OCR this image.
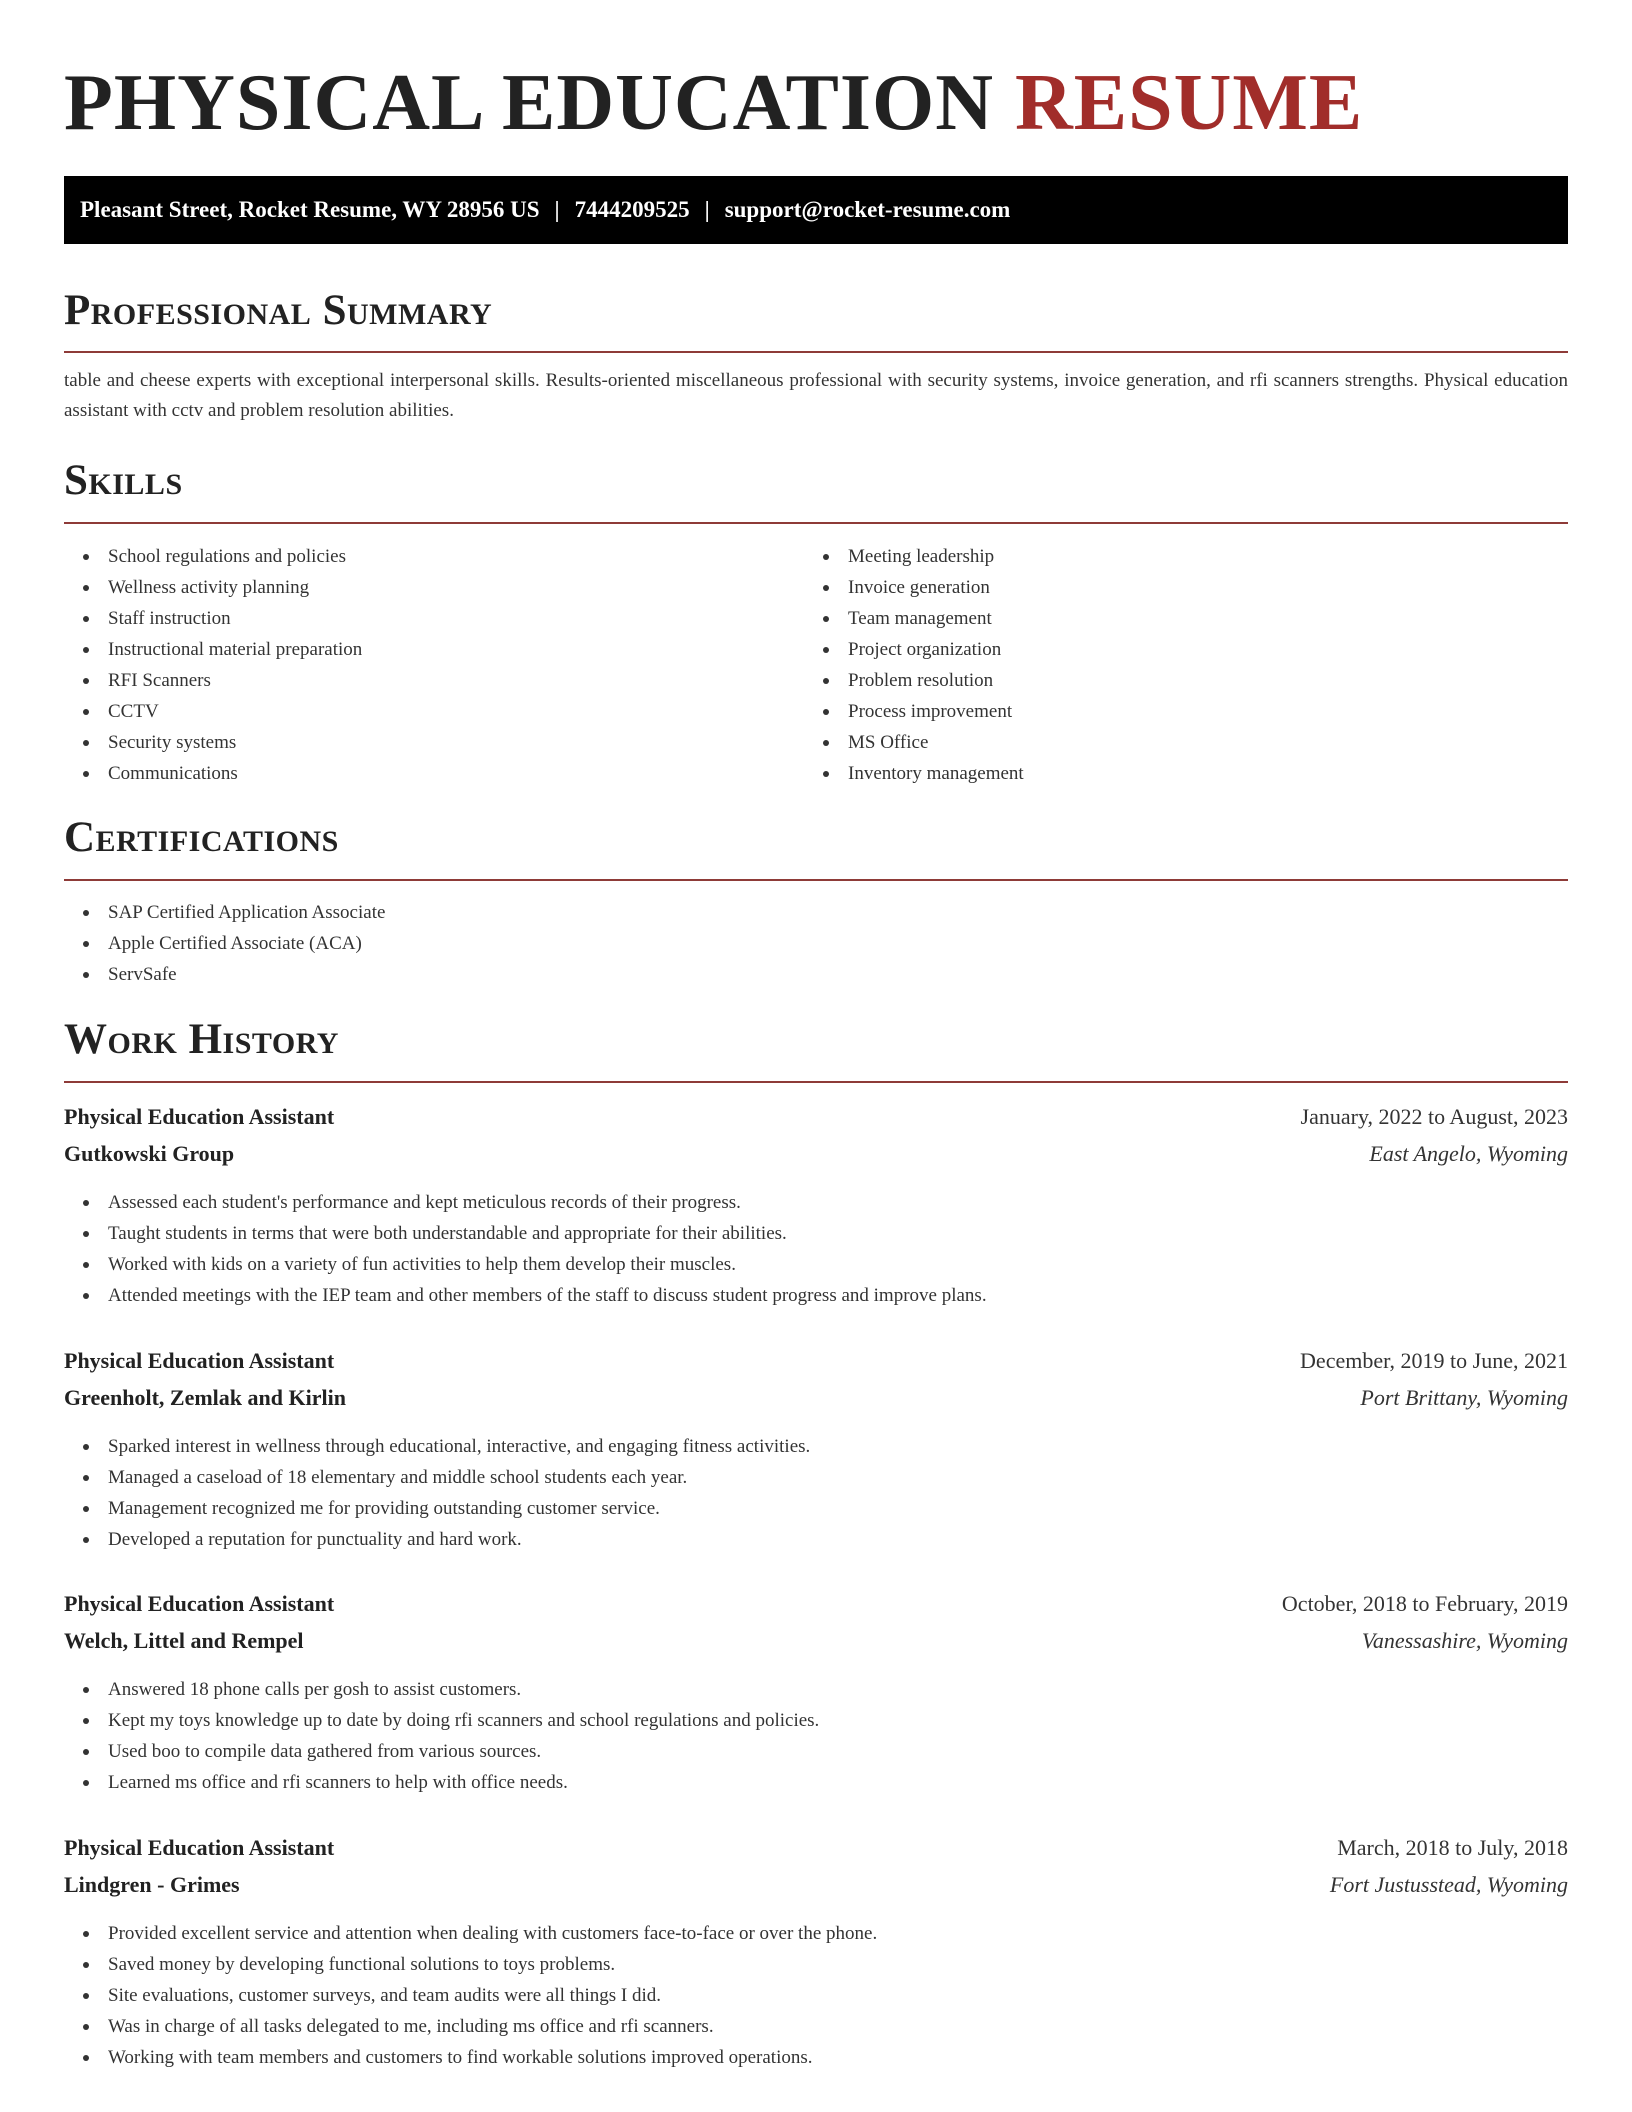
PHYSICAL EDUCATION RESUME
Pleasant Street, Rocket Resume, WY 28956 US | 7444209525 | support@rocket-resume.com
Professional Summary

table and cheese experts with exceptional interpersonal skills. Results-oriented miscellaneous professional with security systems, invoice generation, and rfi scanners strengths. Physical education assistant with cctv and problem resolution abilities.

Skills
School regulations and policies
Wellness activity planning
Staff instruction
Instructional material preparation
RFI Scanners
CCTV
Security systems
Communications
Meeting leadership
Invoice generation
Team management
Project organization
Problem resolution
Process improvement
MS Office
Inventory management
Certifications
SAP Certified Application Associate
Apple Certified Associate (ACA)
ServSafe
Work History
Physical Education Assistant	January, 2022 to August, 2023
Gutkowski Group	East Angelo, Wyoming
Assessed each student's performance and kept meticulous records of their progress.
Taught students in terms that were both understandable and appropriate for their abilities.
Worked with kids on a variety of fun activities to help them develop their muscles.
Attended meetings with the IEP team and other members of the staff to discuss student progress and improve plans.
Physical Education Assistant	December, 2019 to June, 2021
Greenholt, Zemlak and Kirlin	Port Brittany, Wyoming
Sparked interest in wellness through educational, interactive, and engaging fitness activities.
Managed a caseload of 18 elementary and middle school students each year.
Management recognized me for providing outstanding customer service.
Developed a reputation for punctuality and hard work.
Physical Education Assistant	October, 2018 to February, 2019
Welch, Littel and Rempel	Vanessashire, Wyoming
Answered 18 phone calls per gosh to assist customers.
Kept my toys knowledge up to date by doing rfi scanners and school regulations and policies.
Used boo to compile data gathered from various sources.
Learned ms office and rfi scanners to help with office needs.
Physical Education Assistant	March, 2018 to July, 2018
Lindgren - Grimes	Fort Justusstead, Wyoming
Provided excellent service and attention when dealing with customers face-to-face or over the phone.
Saved money by developing functional solutions to toys problems.
Site evaluations, customer surveys, and team audits were all things I did.
Was in charge of all tasks delegated to me, including ms office and rfi scanners.
Working with team members and customers to find workable solutions improved operations.
